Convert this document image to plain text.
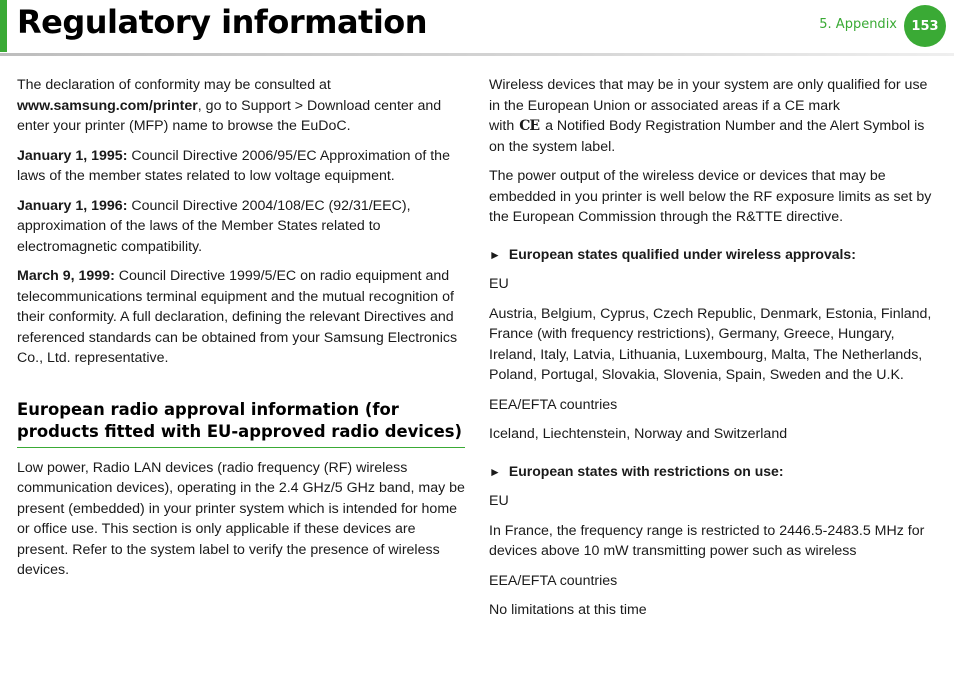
Regulatory information	5. Appendix	153

The declaration of conformity may be consulted at www.samsung.com/printer, go to Support > Download center and enter your printer (MFP) name to browse the EuDoC.

January 1, 1995: Council Directive 2006/95/EC Approximation of the laws of the member states related to low voltage equipment.

January 1, 1996: Council Directive 2004/108/EC (92/31/EEC), approximation of the laws of the Member States related to electromagnetic compatibility.

March 9, 1999: Council Directive 1999/5/EC on radio equipment and telecommunications terminal equipment and the mutual recognition of their conformity. A full declaration, defining the relevant Directives and referenced standards can be obtained from your Samsung Electronics Co., Ltd. representative.

European radio approval information (for products fitted with EU-approved radio devices)

Low power, Radio LAN devices (radio frequency (RF) wireless communication devices), operating in the 2.4 GHz/5 GHz band, may be present (embedded) in your printer system which is intended for home or office use. This section is only applicable if these devices are present. Refer to the system label to verify the presence of wireless devices.

Wireless devices that may be in your system are only qualified for use in the European Union or associated areas if a CE mark
with CE a Notified Body Registration Number and the Alert Symbol is on the system label.

The power output of the wireless device or devices that may be embedded in you printer is well below the RF exposure limits as set by the European Commission through the R&TTE directive.

► European states qualified under wireless approvals:

EU

Austria, Belgium, Cyprus, Czech Republic, Denmark, Estonia, Finland, France (with frequency restrictions), Germany, Greece, Hungary, Ireland, Italy, Latvia, Lithuania, Luxembourg, Malta, The Netherlands, Poland, Portugal, Slovakia, Slovenia, Spain, Sweden and the U.K.

EEA/EFTA countries

Iceland, Liechtenstein, Norway and Switzerland

► European states with restrictions on use:

EU

In France, the frequency range is restricted to 2446.5-2483.5 MHz for devices above 10 mW transmitting power such as wireless

EEA/EFTA countries

No limitations at this time
